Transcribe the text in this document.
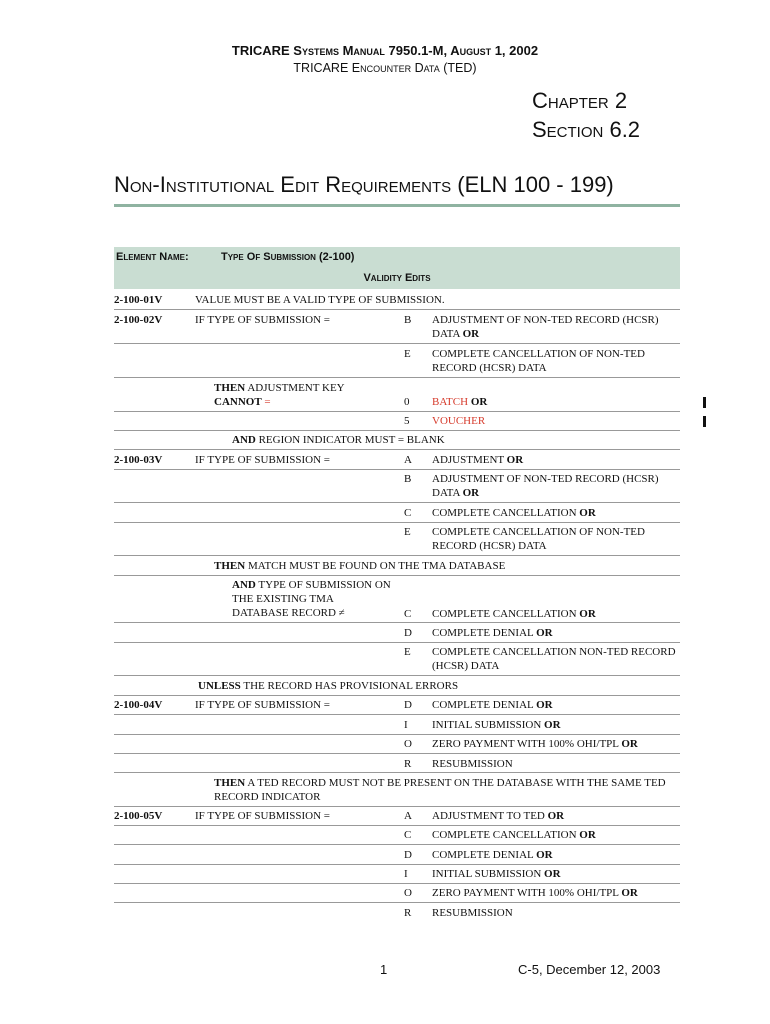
TRICARE Systems Manual 7950.1-M, August 1, 2002
TRICARE Encounter Data (TED)
Chapter 2
Section 6.2
Non-Institutional Edit Requirements (ELN 100 - 199)
Element Name:	Type Of Submission (2-100)
Validity Edits
2-100-01V	VALUE MUST BE A VALID TYPE OF SUBMISSION.
2-100-02V	IF TYPE OF SUBMISSION =	B ADJUSTMENT OF NON-TED RECORD (HCSR) DATA OR
E COMPLETE CANCELLATION OF NON-TED RECORD (HCSR) DATA
THEN ADJUSTMENT KEY
CANNOT =	0 BATCH OR
5 VOUCHER
AND REGION INDICATOR MUST = BLANK
2-100-03V	IF TYPE OF SUBMISSION =	A ADJUSTMENT OR
B ADJUSTMENT OF NON-TED RECORD (HCSR) DATA OR
C COMPLETE CANCELLATION OR
E COMPLETE CANCELLATION OF NON-TED RECORD (HCSR) DATA
THEN MATCH MUST BE FOUND ON THE TMA DATABASE
AND TYPE OF SUBMISSION ON THE EXISTING TMA DATABASE RECORD ≠	C COMPLETE CANCELLATION OR
D COMPLETE DENIAL OR
E COMPLETE CANCELLATION NON-TED RECORD (HCSR) DATA
UNLESS THE RECORD HAS PROVISIONAL ERRORS
2-100-04V	IF TYPE OF SUBMISSION =	D COMPLETE DENIAL OR
I INITIAL SUBMISSION OR
O ZERO PAYMENT WITH 100% OHI/TPL OR
R RESUBMISSION
THEN A TED RECORD MUST NOT BE PRESENT ON THE DATABASE WITH THE SAME TED RECORD INDICATOR
2-100-05V	IF TYPE OF SUBMISSION =	A ADJUSTMENT TO TED OR
C COMPLETE CANCELLATION OR
D COMPLETE DENIAL OR
I INITIAL SUBMISSION OR
O ZERO PAYMENT WITH 100% OHI/TPL OR
R RESUBMISSION
1	C-5, December 12, 2003
